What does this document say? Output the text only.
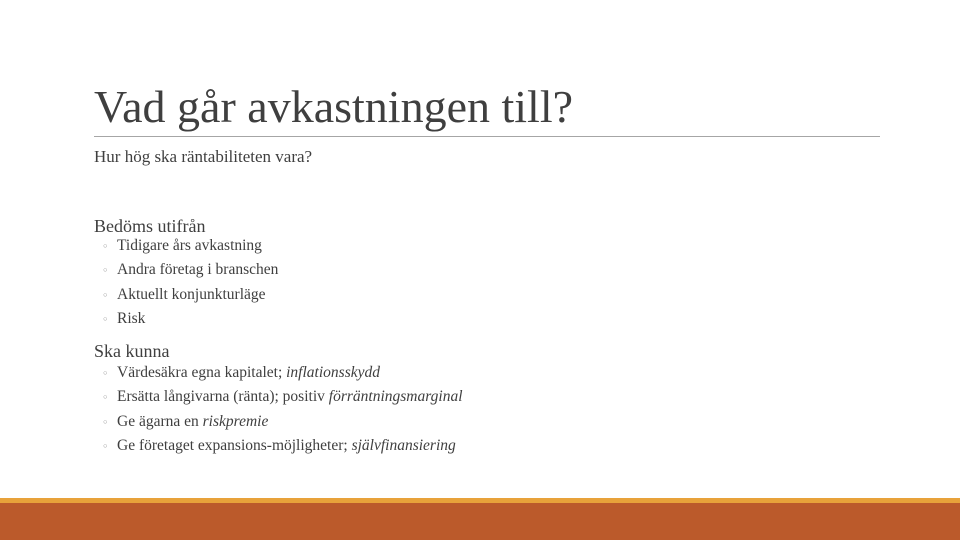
Vad går avkastningen till?
Hur hög ska räntabiliteten vara?
Bedöms utifrån
◦ Tidigare års avkastning
◦ Andra företag i branschen
◦ Aktuellt konjunkturläge
◦ Risk
Ska kunna
◦ Värdesäkra egna kapitalet;
inflationsskydd
◦ Ersätta långivarna (ränta); positiv
förräntningsmarginal
◦ Ge ägarna en
riskpremie
◦ Ge företaget expansions-möjligheter;
självfinansiering
